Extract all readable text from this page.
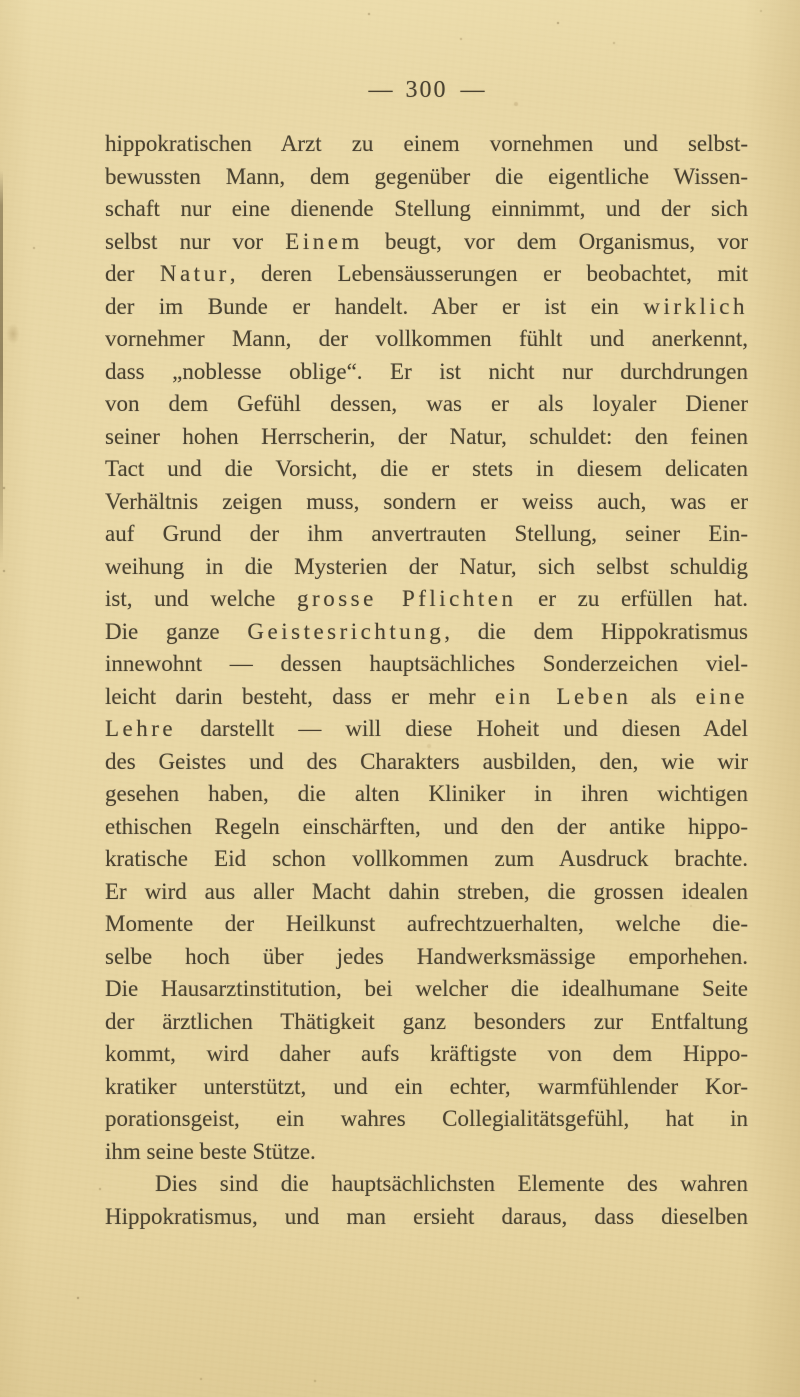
— 300 —
hippokratischen Arzt zu einem vornehmen und selbst-
bewussten Mann, dem gegenüber die eigentliche Wissen-
schaft nur eine dienende Stellung einnimmt, und der sich
selbst nur vor Einem beugt, vor dem Organismus, vor
der Natur, deren Lebensäusserungen er beobachtet, mit
der im Bunde er handelt. Aber er ist ein wirklich
vornehmer Mann, der vollkommen fühlt und anerkennt,
dass „noblesse oblige“. Er ist nicht nur durchdrungen
von dem Gefühl dessen, was er als loyaler Diener
seiner hohen Herrscherin, der Natur, schuldet: den feinen
Tact und die Vorsicht, die er stets in diesem delicaten
Verhältnis zeigen muss, sondern er weiss auch, was er
auf Grund der ihm anvertrauten Stellung, seiner Ein-
weihung in die Mysterien der Natur, sich selbst schuldig
ist, und welche grosse Pflichten er zu erfüllen hat.
Die ganze Geistesrichtung, die dem Hippokratismus
innewohnt — dessen hauptsächliches Sonderzeichen viel-
leicht darin besteht, dass er mehr ein Leben als eine
Lehre darstellt — will diese Hoheit und diesen Adel
des Geistes und des Charakters ausbilden, den, wie wir
gesehen haben, die alten Kliniker in ihren wichtigen
ethischen Regeln einschärften, und den der antike hippo-
kratische Eid schon vollkommen zum Ausdruck brachte.
Er wird aus aller Macht dahin streben, die grossen idealen
Momente der Heilkunst aufrechtzuerhalten, welche die-
selbe hoch über jedes Handwerksmässige emporhehen.
Die Hausarztinstitution, bei welcher die idealhumane Seite
der ärztlichen Thätigkeit ganz besonders zur Entfaltung
kommt, wird daher aufs kräftigste von dem Hippo-
kratiker unterstützt, und ein echter, warmfühlender Kor-
porationsgeist, ein wahres Collegialitätsgefühl, hat in
ihm seine beste Stütze.
Dies sind die hauptsächlichsten Elemente des wahren
Hippokratismus, und man ersieht daraus, dass dieselben
